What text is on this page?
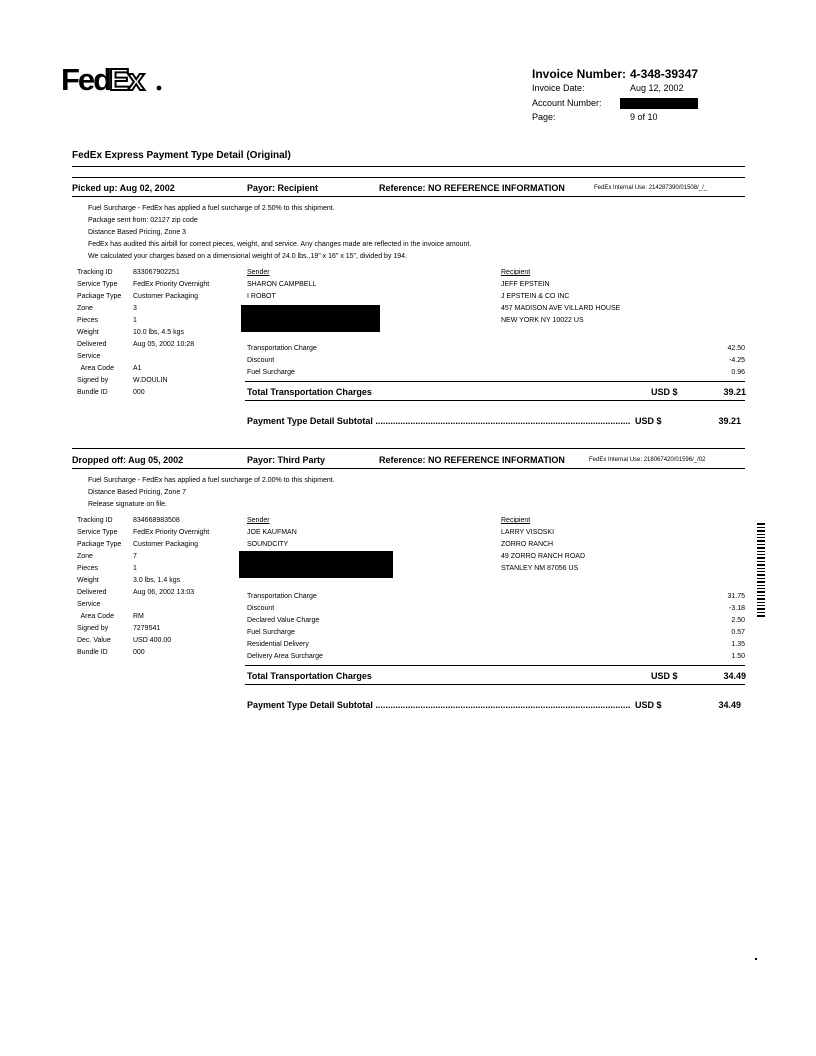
Fed
Ex	Invoice Number: 4-348-39347
Invoice Date:	Aug 12, 2002
Account Number:
Page:	9 of 10
FedEx Express Payment Type Detail (Original)
Picked up: Aug 02, 2002	Payor: Recipient	Reference: NO REFERENCE INFORMATION	FedEx Internal Use: 214287390/01508/_/_
Fuel Surcharge - FedEx has applied a fuel surcharge of 2.50% to this shipment.
Package sent from: 02127 zip code
Distance Based Pricing, Zone 3
FedEx has audited this airbill for correct pieces, weight, and service. Any changes made are reflected in the invoice amount.
We calculated your charges based on a dimensional weight of 24.0 lbs.,19" x 16" x 15", divided by 194.
Tracking ID	833067902251
Service Type FedEx Priority Overnight
Package Type Customer Packaging
Zone	3
Pieces	1
Weight	10.0 lbs, 4.5 kgs
Delivered	Aug 05, 2002 10:28
Service
Area Code	A1
Signed by	W.DOULIN
Bundle ID	000
Sender
SHARON CAMPBELL
I ROBOT
Recipient
JEFF EPSTEIN
J EPSTEIN & CO INC
457 MADISON AVE VILLARD HOUSE
NEW YORK NY 10022 US
Transportation Charge	42.50
Discount	-4.25
Fuel Surcharge	0.96
Total Transportation Charges	USD $	39.21
Payment Type Detail Subtotal ...................................................................................................... USD $	39.21
Dropped off: Aug 05, 2002	Payor: Third Party	Reference: NO REFERENCE INFORMATION	FedEx Internal Use: 218067420/01596/_/02
Fuel Surcharge - FedEx has applied a fuel surcharge of 2.00% to this shipment.
Distance Based Pricing, Zone 7
Release signature on file.
Tracking ID	834668983508
Service Type FedEx Priority Overnight
Package Type Customer Packaging
Zone	7
Pieces	1
Weight	3.0 lbs, 1.4 kgs
Delivered	Aug 06, 2002 13:03
Service
Area Code	RM
Signed by	7279541
Dec. Value	USD 400.00
Bundle ID	000
Sender
JOE KAUFMAN
SOUNDCITY
Recipient
LARRY VISOSKI
ZORRO RANCH
49 ZORRO RANCH ROAD
STANLEY NM 87056 US
Transportation Charge	31.75
Discount	-3.18
Declared Value Charge	2.50
Fuel Surcharge	0.57
Residential Delivery	1.35
Delivery Area Surcharge	1.50
Total Transportation Charges	USD $	34.49
Payment Type Detail Subtotal ...................................................................................................... USD $	34.49
